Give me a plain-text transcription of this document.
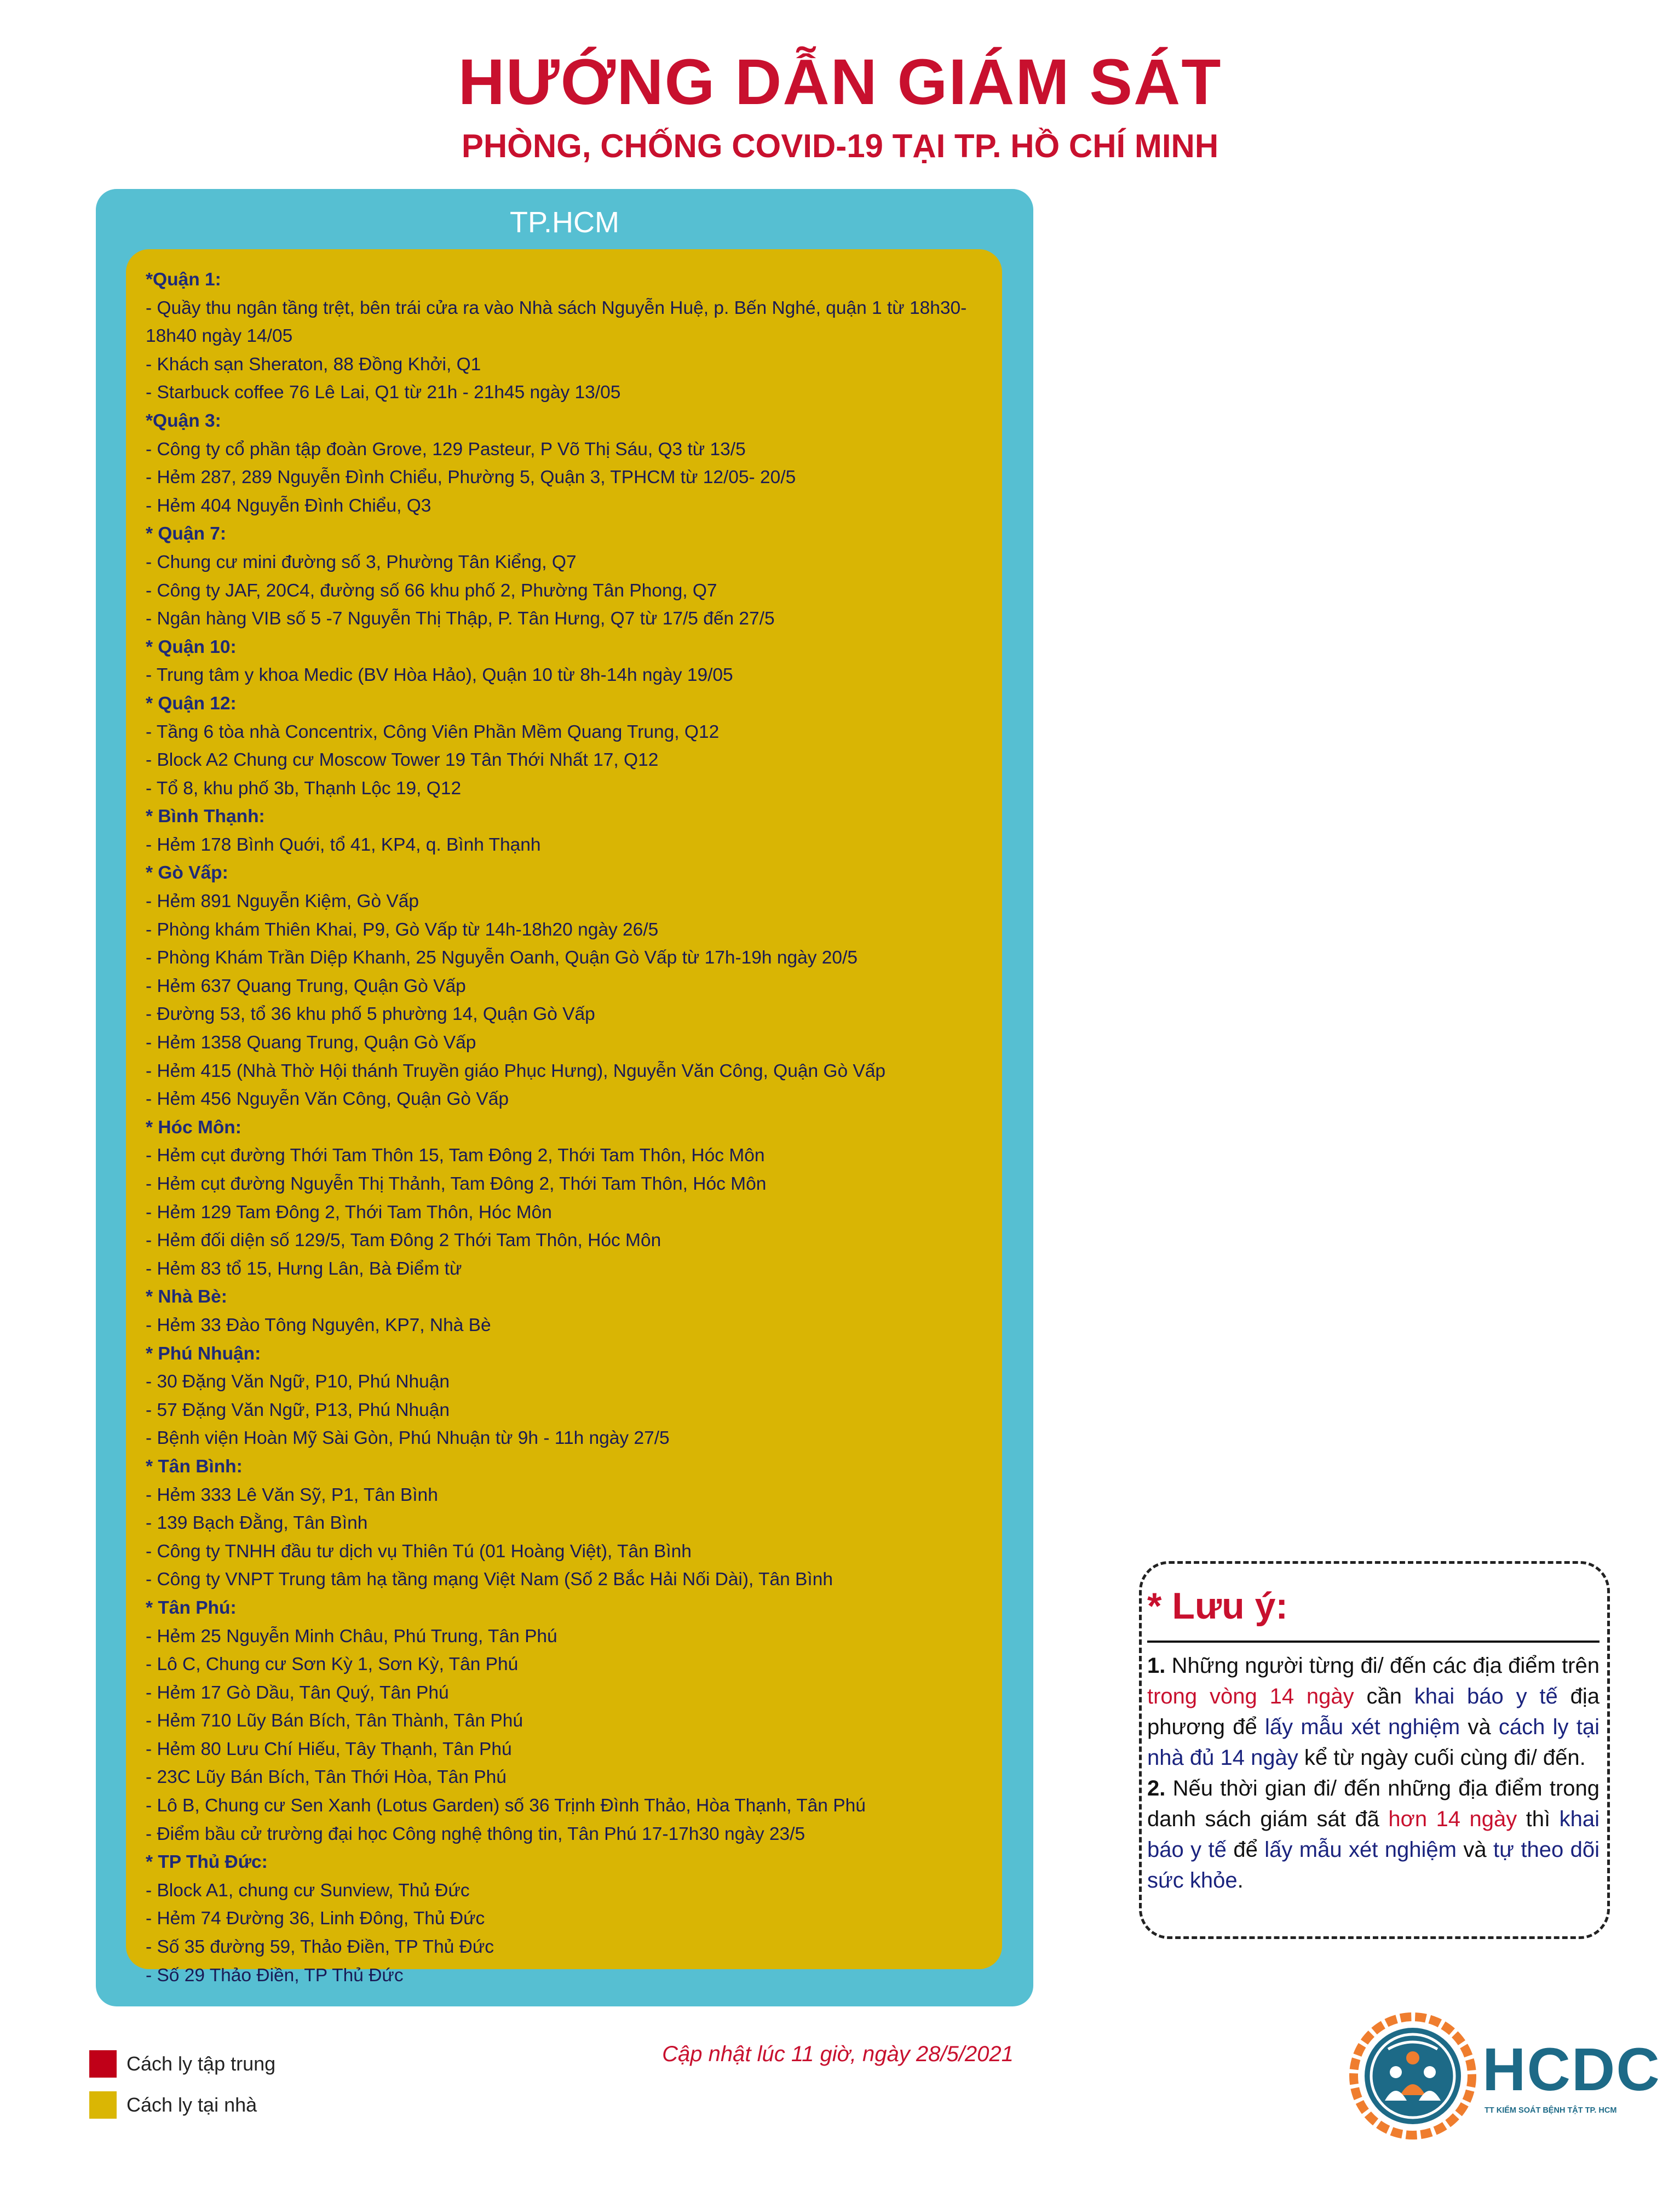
HƯỚNG DẪN GIÁM SÁT
PHÒNG, CHỐNG COVID-19 TẠI TP. HỒ CHÍ MINH
TP.HCM
*Quận 1:
- Quầy thu ngân tầng trệt, bên trái cửa ra vào Nhà sách Nguyễn Huệ, p. Bến Nghé, quận 1 từ 18h30-18h40 ngày 14/05
- Khách sạn Sheraton, 88 Đồng Khởi, Q1
- Starbuck coffee 76 Lê Lai, Q1 từ 21h - 21h45 ngày 13/05
*Quận 3:
- Công ty cổ phần tập đoàn Grove, 129 Pasteur, P Võ Thị Sáu, Q3 từ 13/5
- Hẻm 287, 289 Nguyễn Đình Chiểu, Phường 5, Quận 3, TPHCM từ 12/05- 20/5
- Hẻm 404 Nguyễn Đình Chiểu, Q3
* Quận 7:
- Chung cư mini đường số 3, Phường Tân Kiểng, Q7
- Công ty JAF, 20C4, đường số 66 khu phố 2, Phường Tân Phong, Q7
- Ngân hàng VIB số 5 -7 Nguyễn Thị Thập, P. Tân Hưng, Q7 từ 17/5 đến 27/5
* Quận 10:
- Trung tâm y khoa Medic (BV Hòa Hảo), Quận 10 từ 8h-14h ngày 19/05
* Quận 12:
- Tầng 6 tòa nhà Concentrix, Công Viên Phần Mềm Quang Trung, Q12
- Block A2 Chung cư Moscow Tower 19 Tân Thới Nhất 17, Q12
- Tổ 8, khu phố 3b, Thạnh Lộc 19, Q12
* Bình Thạnh:
- Hẻm 178 Bình Quới, tổ 41, KP4, q. Bình Thạnh
* Gò Vấp:
- Hẻm 891 Nguyễn Kiệm, Gò Vấp
- Phòng khám Thiên Khai, P9, Gò Vấp từ 14h-18h20 ngày 26/5
- Phòng Khám Trần Diệp Khanh, 25 Nguyễn Oanh, Quận Gò Vấp từ 17h-19h ngày 20/5
- Hẻm 637 Quang Trung, Quận Gò Vấp
- Đường 53, tổ 36 khu phố 5 phường 14, Quận Gò Vấp
- Hẻm 1358 Quang Trung, Quận Gò Vấp
- Hẻm 415 (Nhà Thờ Hội thánh Truyền giáo Phục Hưng), Nguyễn Văn Công, Quận Gò Vấp
- Hẻm 456 Nguyễn Văn Công, Quận Gò Vấp
* Hóc Môn:
- Hẻm cụt đường Thới Tam Thôn 15, Tam Đông 2, Thới Tam Thôn, Hóc Môn
- Hẻm cụt đường Nguyễn Thị Thảnh, Tam Đông 2, Thới Tam Thôn, Hóc Môn
- Hẻm 129 Tam Đông 2, Thới Tam Thôn, Hóc Môn
- Hẻm đối diện số 129/5, Tam Đông 2 Thới Tam Thôn, Hóc Môn
- Hẻm 83 tổ 15, Hưng Lân, Bà Điểm từ
* Nhà Bè:
- Hẻm 33 Đào Tông Nguyên, KP7, Nhà Bè
* Phú Nhuận:
- 30 Đặng Văn Ngữ, P10, Phú Nhuận
- 57 Đặng Văn Ngữ, P13, Phú Nhuận
- Bệnh viện Hoàn Mỹ Sài Gòn, Phú Nhuận từ 9h - 11h ngày 27/5
* Tân Bình:
- Hẻm 333 Lê Văn Sỹ, P1, Tân Bình
- 139 Bạch Đằng, Tân Bình
- Công ty TNHH đầu tư dịch vụ Thiên Tú (01 Hoàng Việt), Tân Bình
- Công ty VNPT Trung tâm hạ tầng mạng Việt Nam (Số 2 Bắc Hải Nối Dài), Tân Bình
* Tân Phú:
- Hẻm 25 Nguyễn Minh Châu, Phú Trung, Tân Phú
- Lô C, Chung cư Sơn Kỳ 1, Sơn Kỳ, Tân Phú
- Hẻm 17 Gò Dầu, Tân Quý, Tân Phú
- Hẻm 710 Lũy Bán Bích, Tân Thành, Tân Phú
- Hẻm 80 Lưu Chí Hiếu, Tây Thạnh, Tân Phú
- 23C Lũy Bán Bích, Tân Thới Hòa, Tân Phú
- Lô B, Chung cư Sen Xanh (Lotus Garden) số 36 Trịnh Đình Thảo, Hòa Thạnh, Tân Phú
- Điểm bầu cử trường đại học Công nghệ thông tin, Tân Phú 17-17h30 ngày 23/5
* TP Thủ Đức:
- Block A1, chung cư Sunview, Thủ Đức
- Hẻm 74 Đường 36, Linh Đông, Thủ Đức
- Số 35 đường 59, Thảo Điền, TP Thủ Đức
- Số 29 Thảo Điền, TP Thủ Đức
* Lưu ý:

1. Những người từng đi/ đến các địa điểm trên trong vòng 14 ngày cần khai báo y tế địa phương để lấy mẫu xét nghiệm và cách ly tại nhà đủ 14 ngày kể từ ngày cuối cùng đi/ đến.

2. Nếu thời gian đi/ đến những địa điểm trong danh sách giám sát đã hơn 14 ngày thì khai báo y tế để lấy mẫu xét nghiệm và tự theo dõi sức khỏe.

Cách ly tập trung
Cách ly tại nhà
Cập nhật lúc 11 giờ, ngày 28/5/2021	HCDC
TT KIỂM SOÁT BỆNH TẬT TP. HCM
